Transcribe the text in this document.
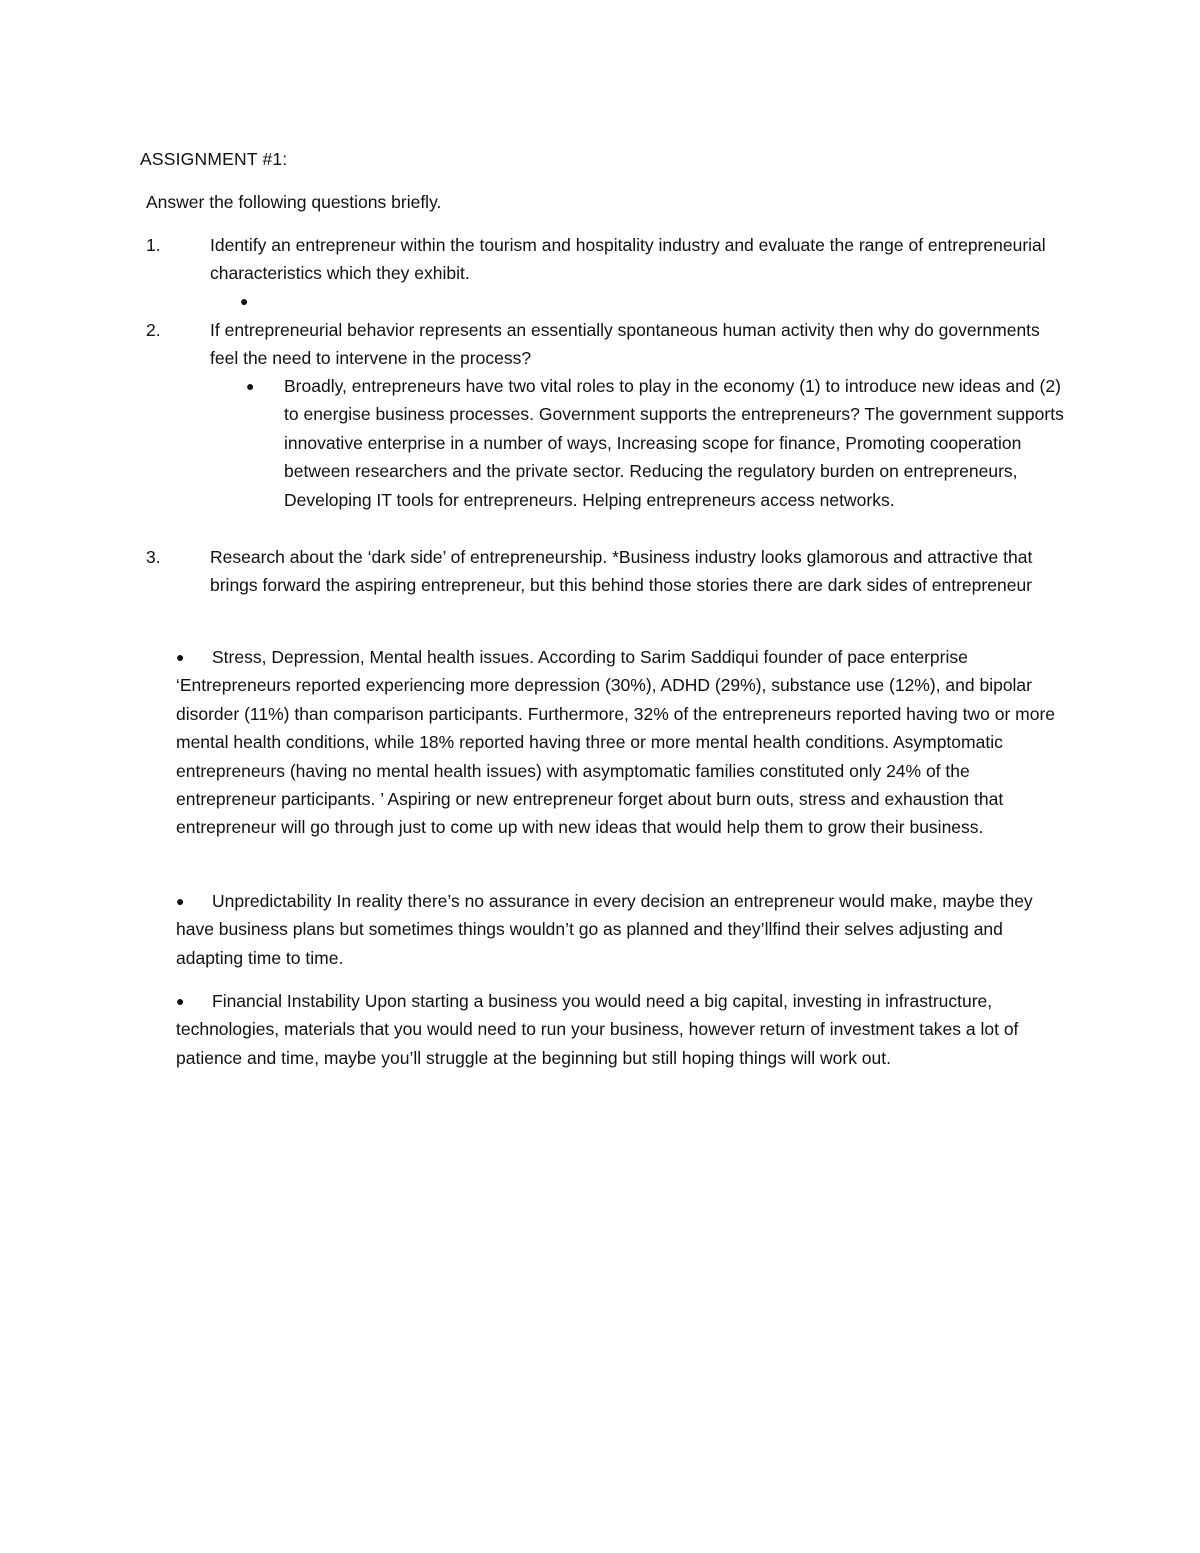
ASSIGNMENT #1:
Answer the following questions briefly.
1.	Identify an entrepreneur within the tourism and hospitality industry and evaluate the range of entrepreneurial characteristics which they exhibit.
●
2.	If entrepreneurial behavior represents an essentially spontaneous human activity then why do governments feel the need to intervene in the process?
●	Broadly, entrepreneurs have two vital roles to play in the economy (1) to introduce new ideas and (2) to energise business processes. Government supports the entrepreneurs? The government supports innovative enterprise in a number of ways, Increasing scope for finance, Promoting cooperation between researchers and the private sector. Reducing the regulatory burden on entrepreneurs, Developing IT tools for entrepreneurs. Helping entrepreneurs access networks.
3.	Research about the ‘dark side’ of entrepreneurship. *Business industry looks glamorous and attractive that brings forward the aspiring entrepreneur, but this behind those stories there are dark sides of entrepreneur
● Stress, Depression, Mental health issues. According to Sarim Saddiqui founder of pace enterprise ‘Entrepreneurs reported experiencing more depression (30%), ADHD (29%), substance use (12%), and bipolar disorder (11%) than comparison participants. Furthermore, 32% of the entrepreneurs reported having two or more mental health conditions, while 18% reported having three or more mental health conditions. Asymptomatic entrepreneurs (having no mental health issues) with asymptomatic families constituted only 24% of the entrepreneur participants. ’ Aspiring or new entrepreneur forget about burn outs, stress and exhaustion that entrepreneur will go through just to come up with new ideas that would help them to grow their business.
● Unpredictability In reality there’s no assurance in every decision an entrepreneur would make, maybe they have business plans but sometimes things wouldn’t go as planned and they’llfind their selves adjusting and adapting time to time.
● Financial Instability Upon starting a business you would need a big capital, investing in infrastructure, technologies, materials that you would need to run your business, however return of investment takes a lot of patience and time, maybe you’ll struggle at the beginning but still hoping things will work out.
